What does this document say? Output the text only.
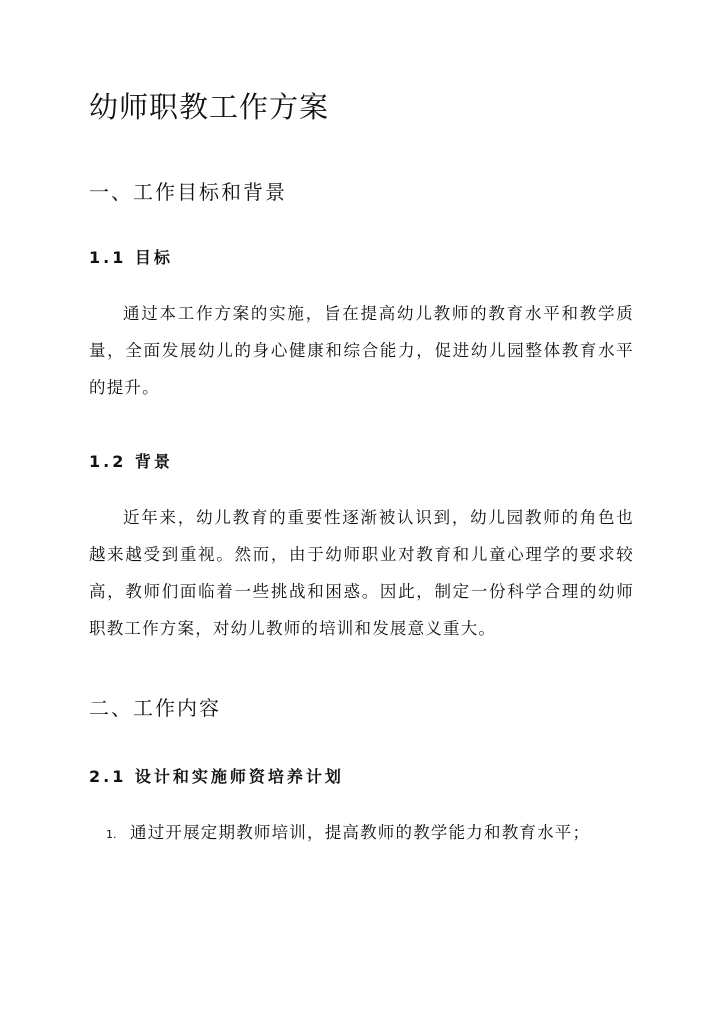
幼师职教工作方案
一、工作目标和背景
1.1 目标

通过本工作方案的实施，旨在提高幼儿教师的教育水平和教学质量，全面发展幼儿的身心健康和综合能力，促进幼儿园整体教育水平的提升。

1.2 背景

近年来，幼儿教育的重要性逐渐被认识到，幼儿园教师的角色也越来越受到重视。然而，由于幼师职业对教育和儿童心理学的要求较高，教师们面临着一些挑战和困惑。因此，制定一份科学合理的幼师职教工作方案，对幼儿教师的培训和发展意义重大。

二、工作内容
2.1 设计和实施师资培养计划

1. 通过开展定期教师培训，提高教师的教学能力和教育水平；
